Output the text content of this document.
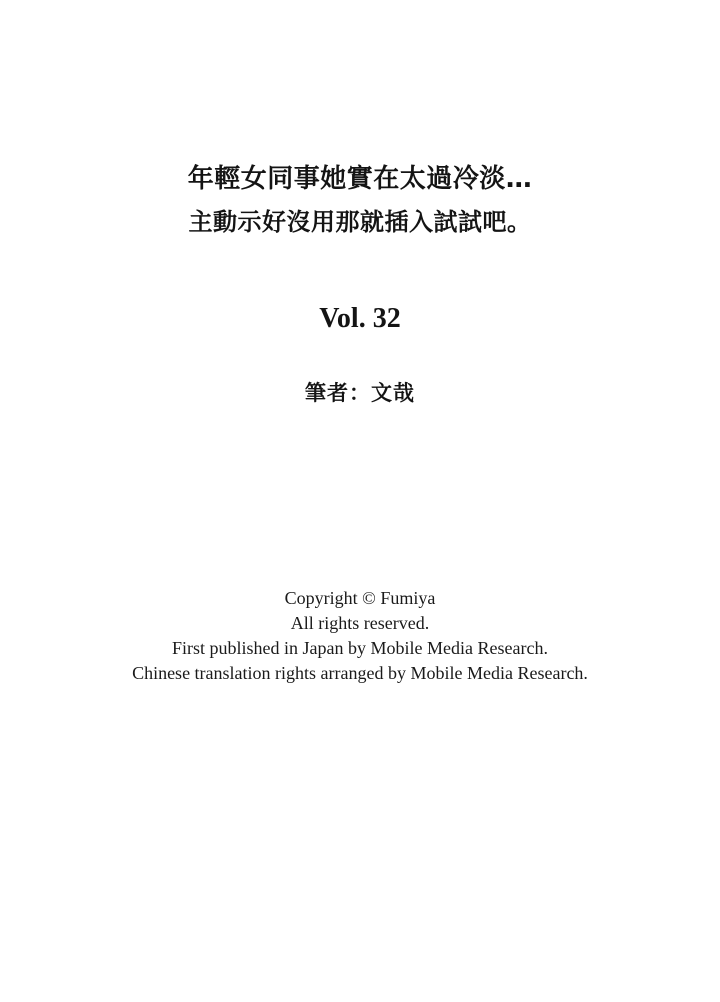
年輕女同事她實在太過冷淡…
主動示好沒用那就插入試試吧。
Vol. 32
筆者：文哉
Copyright © Fumiya
All rights reserved.
First published in Japan by Mobile Media Research.
Chinese translation rights arranged by Mobile Media Research.
